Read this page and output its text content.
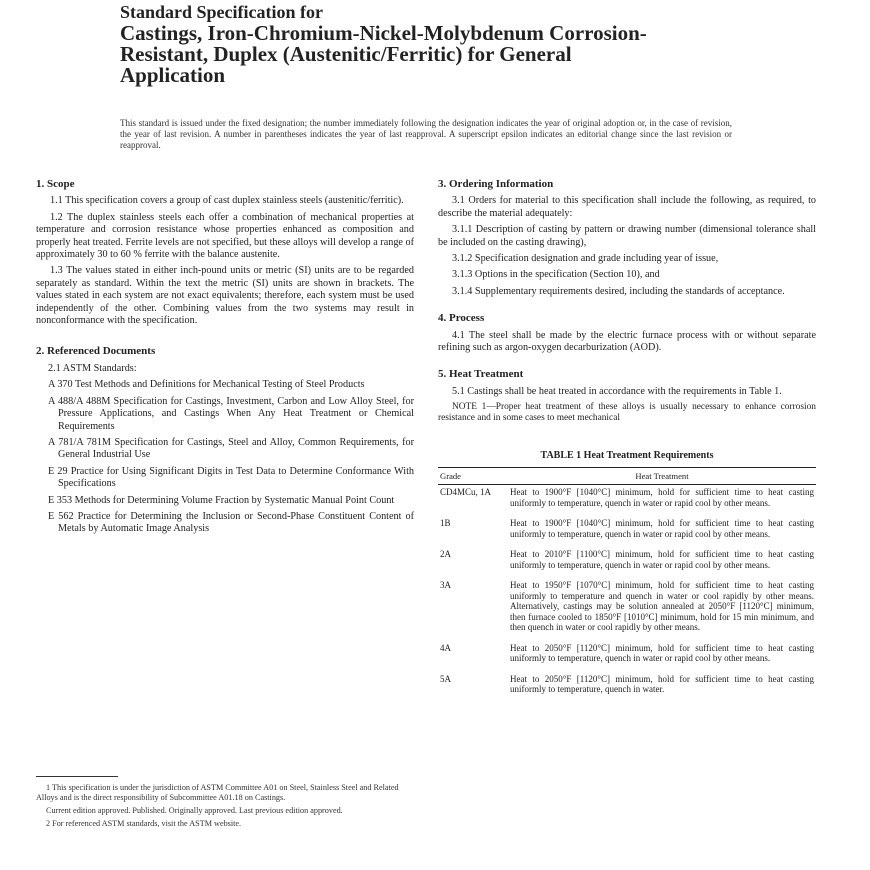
Standard Specification for
Castings, Iron-Chromium-Nickel-Molybdenum Corrosion-
Resistant, Duplex (Austenitic/Ferritic) for General
Application
This standard is issued under the fixed designation; the number immediately following the designation indicates the year of original adoption or, in the case of revision, the year of last revision. A number in parentheses indicates the year of last reapproval. A superscript epsilon indicates an editorial change since the last revision or reapproval.
1. Scope

1.1 This specification covers a group of cast duplex stainless steels (austenitic/ferritic).

1.2 The duplex stainless steels each offer a combination of mechanical properties at temperature and corrosion resistance whose properties enhanced as composition and properly heat treated. Ferrite levels are not specified, but these alloys will develop a range of approximately 30 to 60 % ferrite with the balance austenite.

1.3 The values stated in either inch-pound units or metric (SI) units are to be regarded separately as standard. Within the text the metric (SI) units are shown in brackets. The values stated in each system are not exact equivalents; therefore, each system must be used independently of the other. Combining values from the two systems may result in nonconformance with the specification.

2. Referenced Documents

2.1 ASTM Standards:

A 370 Test Methods and Definitions for Mechanical Testing of Steel Products

A 488/A 488M Specification for Castings, Investment, Carbon and Low Alloy Steel, for Pressure Applications, and Castings When Any Heat Treatment or Chemical Requirements

A 781/A 781M Specification for Castings, Steel and Alloy, Common Requirements, for General Industrial Use

E 29 Practice for Using Significant Digits in Test Data to Determine Conformance With Specifications

E 353 Methods for Determining Volume Fraction by Systematic Manual Point Count

E 562 Practice for Determining the Inclusion or Second-Phase Constituent Content of Metals by Automatic Image Analysis

3. Ordering Information

3.1 Orders for material to this specification shall include the following, as required, to describe the material adequately:

3.1.1 Description of casting by pattern or drawing number (dimensional tolerance shall be included on the casting drawing),

3.1.2 Specification designation and grade including year of issue,

3.1.3 Options in the specification (Section 10), and

3.1.4 Supplementary requirements desired, including the standards of acceptance.

4. Process

4.1 The steel shall be made by the electric furnace process with or without separate refining such as argon-oxygen decarburization (AOD).

5. Heat Treatment

5.1 Castings shall be heat treated in accordance with the requirements in Table 1.

NOTE 1—Proper heat treatment of these alloys is usually necessary to enhance corrosion resistance and in some cases to meet mechanical

TABLE 1 Heat Treatment Requirements
Grade	Heat Treatment
CD4MCu, 1A	Heat to 1900°F [1040°C] minimum, hold for sufficient time to heat casting uniformly to temperature, quench in water or rapid cool by other means.
1B	Heat to 1900°F [1040°C] minimum, hold for sufficient time to heat casting uniformly to temperature, quench in water or rapid cool by other means.
2A	Heat to 2010°F [1100°C] minimum, hold for sufficient time to heat casting uniformly to temperature, quench in water or rapid cool by other means.
3A	Heat to 1950°F [1070°C] minimum, hold for sufficient time to heat casting uniformly to temperature and quench in water or cool rapidly by other means. Alternatively, castings may be solution annealed at 2050°F [1120°C] minimum, then furnace cooled to 1850°F [1010°C] minimum, hold for 15 min minimum, and then quench in water or cool rapidly by other means.
4A	Heat to 2050°F [1120°C] minimum, hold for sufficient time to heat casting uniformly to temperature, quench in water or rapid cool by other means.
5A	Heat to 2050°F [1120°C] minimum, hold for sufficient time to heat casting uniformly to temperature, quench in water.

1 This specification is under the jurisdiction of ASTM Committee A01 on Steel, Stainless Steel and Related Alloys and is the direct responsibility of Subcommittee A01.18 on Castings.

Current edition approved. Published. Originally approved. Last previous edition approved.

2 For referenced ASTM standards, visit the ASTM website.
